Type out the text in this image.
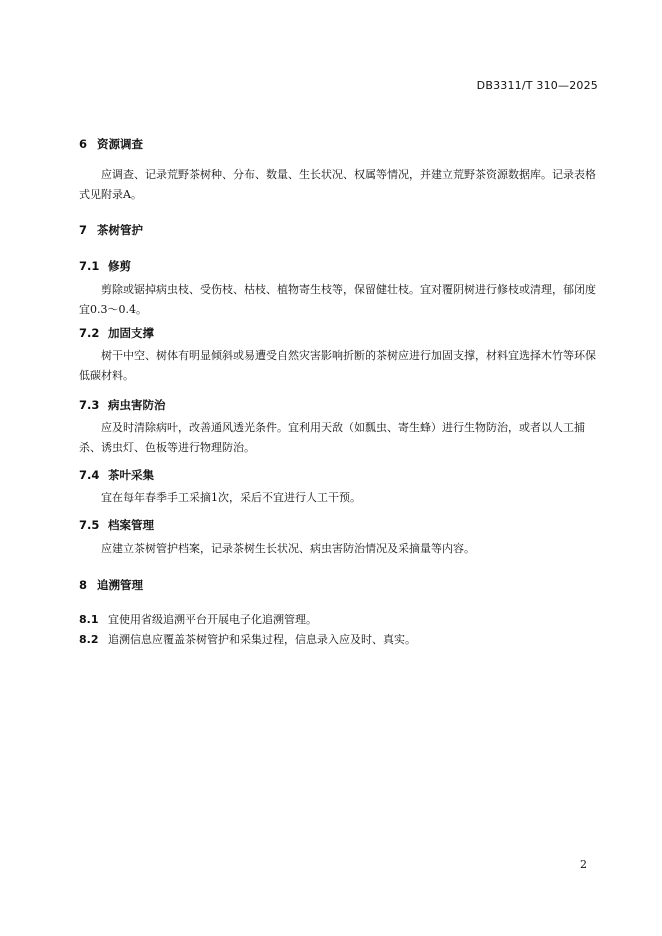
DB3311/T 310—2025
6 资源调查
应调查、记录荒野茶树种、分布、数量、生长状况、权属等情况，并建立荒野茶资源数据库。记录表格式见附录A。
7 茶树管护
7.1 修剪
剪除或锯掉病虫枝、受伤枝、枯枝、植物寄生枝等，保留健壮枝。宜对覆阴树进行修枝或清理，郁闭度宜0.3～0.4。
7.2 加固支撑
树干中空、树体有明显倾斜或易遭受自然灾害影响折断的茶树应进行加固支撑，材料宜选择木竹等环保低碳材料。
7.3 病虫害防治
应及时清除病叶，改善通风透光条件。宜利用天敌（如瓢虫、寄生蜂）进行生物防治，或者以人工捕杀、诱虫灯、色板等进行物理防治。
7.4 茶叶采集
宜在每年春季手工采摘1次，采后不宜进行人工干预。
7.5 档案管理
应建立茶树管护档案，记录茶树生长状况、病虫害防治情况及采摘量等内容。
8 追溯管理
8.1 宜使用省级追溯平台开展电子化追溯管理。
8.2 追溯信息应覆盖茶树管护和采集过程，信息录入应及时、真实。
2
